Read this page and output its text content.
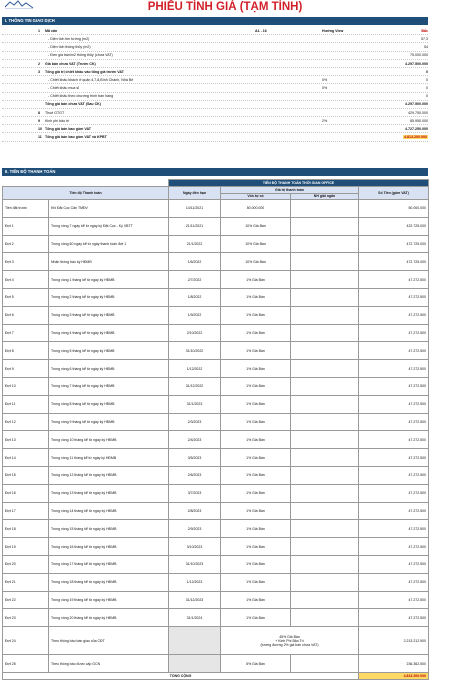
PHIẾU TÍNH GIÁ (TẠM TÍNH)
I. THÔNG TIN GIAO DỊCH
1 Mã căn	A1 - 16	Hướng View	Bắc
- Diện tích tim tường (m2)	57,3
- Diện tích thông thủy (m2)	54
- Đơn giá bán/m2 thông thủy (chưa VAT)	75.000.000
2 Giá bán chưa VAT (Trước CK)	4.297.500.000
3 Tổng giá trị chiết khấu vào tổng giá trước VAT	0
- Chiết khấu khách ở quận 4,7,8,Bình Chánh, Nhà Bè	0%	0
- Chiết khấu mua sỉ	0%	0
- Chiết khấu theo chương trình bán hàng	0
Tổng giá bán chưa VAT (Sau CK)	4.297.500.000
8 Thuế GTGT	429.750.000
9 Kinh phí bảo trì	2%	85.950.000
10 Tổng giá bán bao gồm VAT	4.727.250.000
11 Tổng giá bán bao gồm VAT và KPBT	4.813.200.000
II. TIẾN ĐỘ THANH TOÁN
		TIẾN ĐỘ THANH TOÁN THỜI GIAN OFFICE			
Tiến độ Thanh toán		Ngày đến hạn	Giá trị thanh toán		Số Tiền (gồm VAT)
			Vốn tự có	NH giải ngân	
Tiền đặt trước	Khi Đặt Cọc Căn TMĐV	14/11/2021	50.000.000		50.000.000
Đợt 1	Trong vòng 7 ngày kể từ ngày ký Đặt Cọc - Ký VBTT	21/11/2021	10% Giá Bán		422.725.000
Đợt 2	Trong vòng 60 ngày kể từ ngày thanh toán đợt 1	21/1/2022	10% Giá Bán		472.725.000
Đợt 3	Nhận thông báo ký HĐMB	1/6/2022	10% Giá Bán		472.725.000
Đợt 4	Trong vòng 1 tháng kể từ ngày ký HĐMB	2/7/2022	1% Giá Bán		47.272.500
Đợt 5	Trong vòng 2 tháng kể từ ngày ký HĐMB	1/8/2022	1% Giá Bán		47.272.500
Đợt 6	Trong vòng 3 tháng kể từ ngày ký HĐMB	1/9/2022	1% Giá Bán		47.272.500
Đợt 7	Trong vòng 4 tháng kể từ ngày ký HĐMB	2/10/2022	1% Giá Bán		47.272.500
Đợt 8	Trong vòng 5 tháng kể từ ngày ký HĐMB	31/10/2022	1% Giá Bán		47.272.500
Đợt 9	Trong vòng 6 tháng kể từ ngày ký HĐMB	1/12/2022	1% Giá Bán		47.272.500
Đợt 10	Trong vòng 7 tháng kể từ ngày ký HĐMB	31/12/2022	1% Giá Bán		47.272.500
Đợt 11	Trong vòng 8 tháng kể từ ngày ký HĐMB	31/1/2023	1% Giá Bán		47.272.500
Đợt 12	Trong vòng 9 tháng kể từ ngày ký HĐMB	2/3/2023	1% Giá Bán		47.272.500
Đợt 13	Trong vòng 10 tháng kể từ ngày ký HĐMB	2/4/2023	1% Giá Bán		47.272.500
Đợt 14	Trong vòng 11 tháng kể từ ngày ký HĐMB	3/5/2023	1% Giá Bán		47.272.500
Đợt 15	Trong vòng 12 tháng kể từ ngày ký HĐMB	2/6/2023	1% Giá Bán		47.272.500
Đợt 16	Trong vòng 13 tháng kể từ ngày ký HĐMB	3/7/2023	1% Giá Bán		47.272.500
Đợt 17	Trong vòng 14 tháng kể từ ngày ký HĐMB	2/8/2023	1% Giá Bán		47.272.500
Đợt 18	Trong vòng 15 tháng kể từ ngày ký HĐMB	2/9/2023	1% Giá Bán		47.272.500
Đợt 19	Trong vòng 16 tháng kể từ ngày ký HĐMB	3/10/2023	1% Giá Bán		47.272.500
Đợt 20	Trong vòng 17 tháng kể từ ngày ký HĐMB	31/10/2023	1% Giá Bán		47.272.500
Đợt 21	Trong vòng 18 tháng kể từ ngày ký HĐMB	1/12/2023	1% Giá Bán		47.272.500
Đợt 22	Trong vòng 19 tháng kể từ ngày ký HĐMB	31/12/2023	1% Giá Bán		47.272.500
Đợt 23	Trong vòng 20 tháng kể từ ngày ký HĐMB	31/1/2024	1% Giá Bán		47.272.500
Đợt 24	Theo thông báo bàn giao của CĐT		45% Giá Bán
+ Kinh Phí Bảo Trì
(tương đương 2% giá bán chưa VAT)		2.213.212.500
Đợt 25	Theo thông báo được cấp GCN		5% Giá Bán		236.362.500
TỔNG CỘNG					4.813.200.000
